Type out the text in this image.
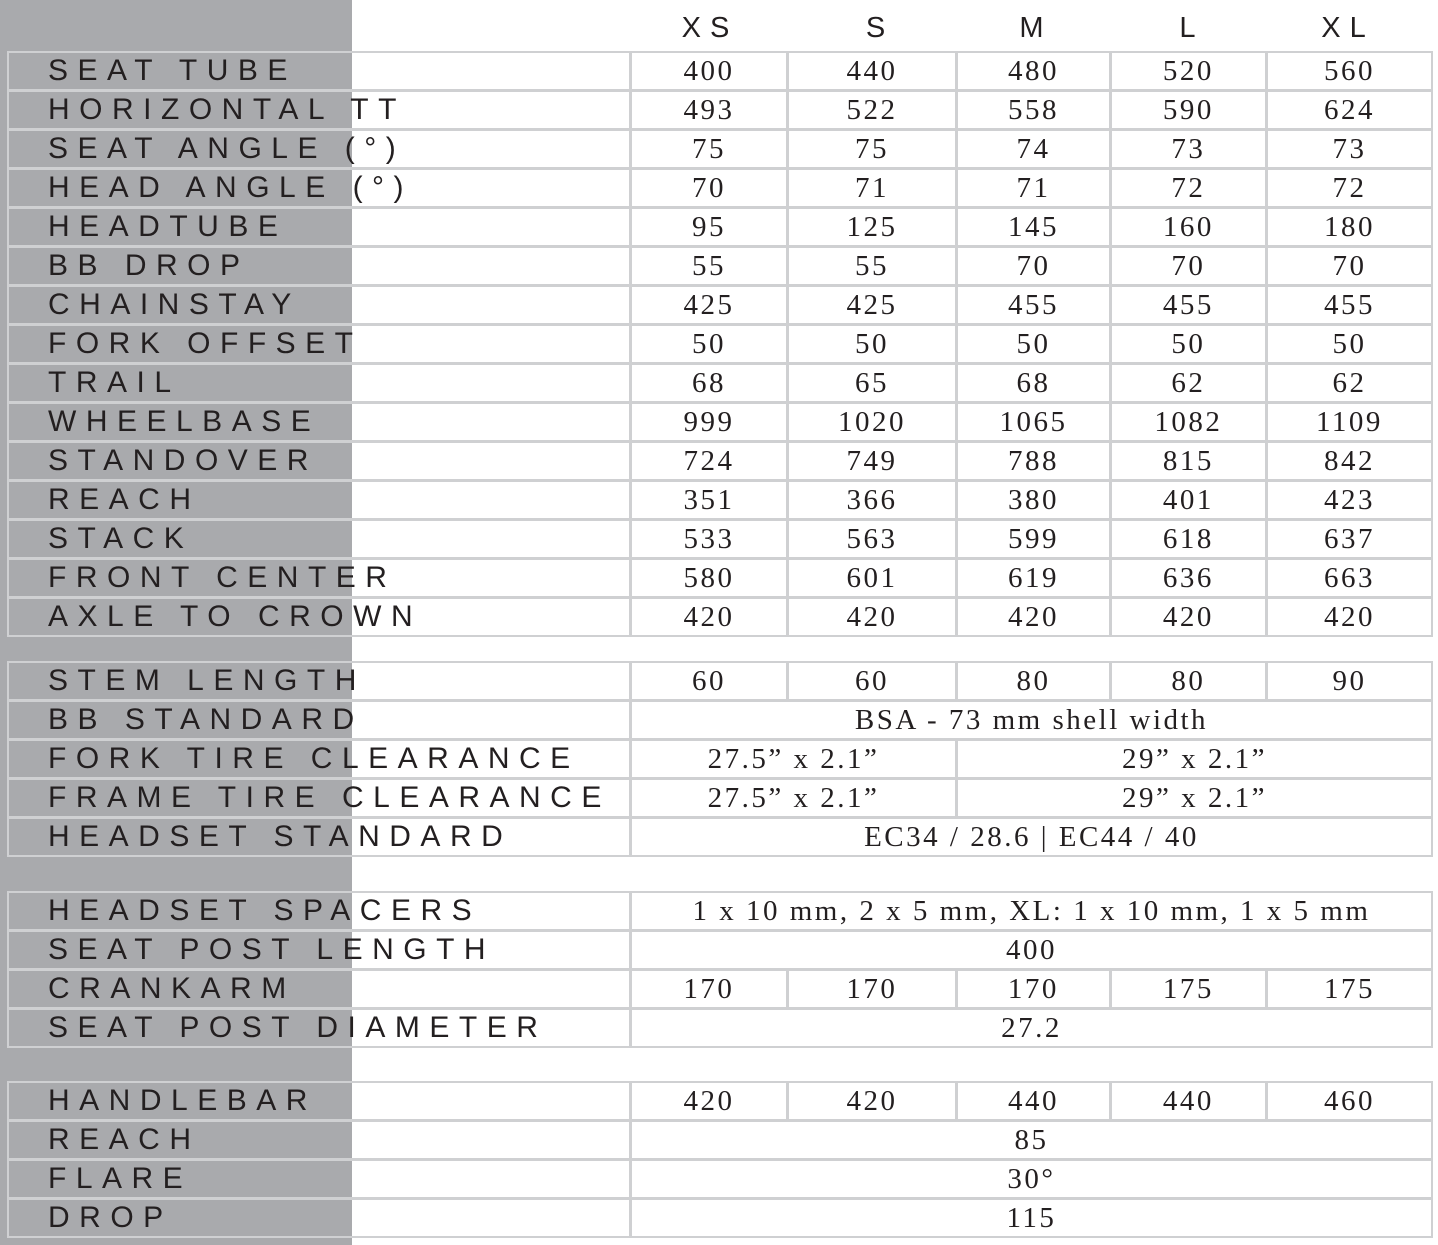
XS	S	M	L	XL
SEAT TUBE	400	440	480	520	560
HORIZONTAL TT	493	522	558	590	624
SEAT ANGLE (°)	75	75	74	73	73
HEAD ANGLE (°)	70	71	71	72	72
HEADTUBE	95	125	145	160	180
BB DROP	55	55	70	70	70
CHAINSTAY	425	425	455	455	455
FORK OFFSET	50	50	50	50	50
TRAIL	68	65	68	62	62
WHEELBASE	999	1020	1065	1082	1109
STANDOVER	724	749	788	815	842
REACH	351	366	380	401	423
STACK	533	563	599	618	637
FRONT CENTER	580	601	619	636	663
AXLE TO CROWN	420	420	420	420	420
STEM LENGTH	60	60	80	80	90
BB STANDARD	BSA - 73 mm shell width				
FORK TIRE CLEARANCE	27.5” x 2.1”		29” x 2.1”		
FRAME TIRE CLEARANCE	27.5” x 2.1”		29” x 2.1”		
HEADSET STANDARD	EC34 / 28.6 | EC44 / 40				
HEADSET SPACERS	1 x 10 mm, 2 x 5 mm, XL: 1 x 10 mm, 1 x 5 mm				
SEAT POST LENGTH	400				
CRANKARM	170	170	170	175	175
SEAT POST DIAMETER	27.2				
HANDLEBAR	420	420	440	440	460
REACH	85				
FLARE	30°				
DROP	115				
